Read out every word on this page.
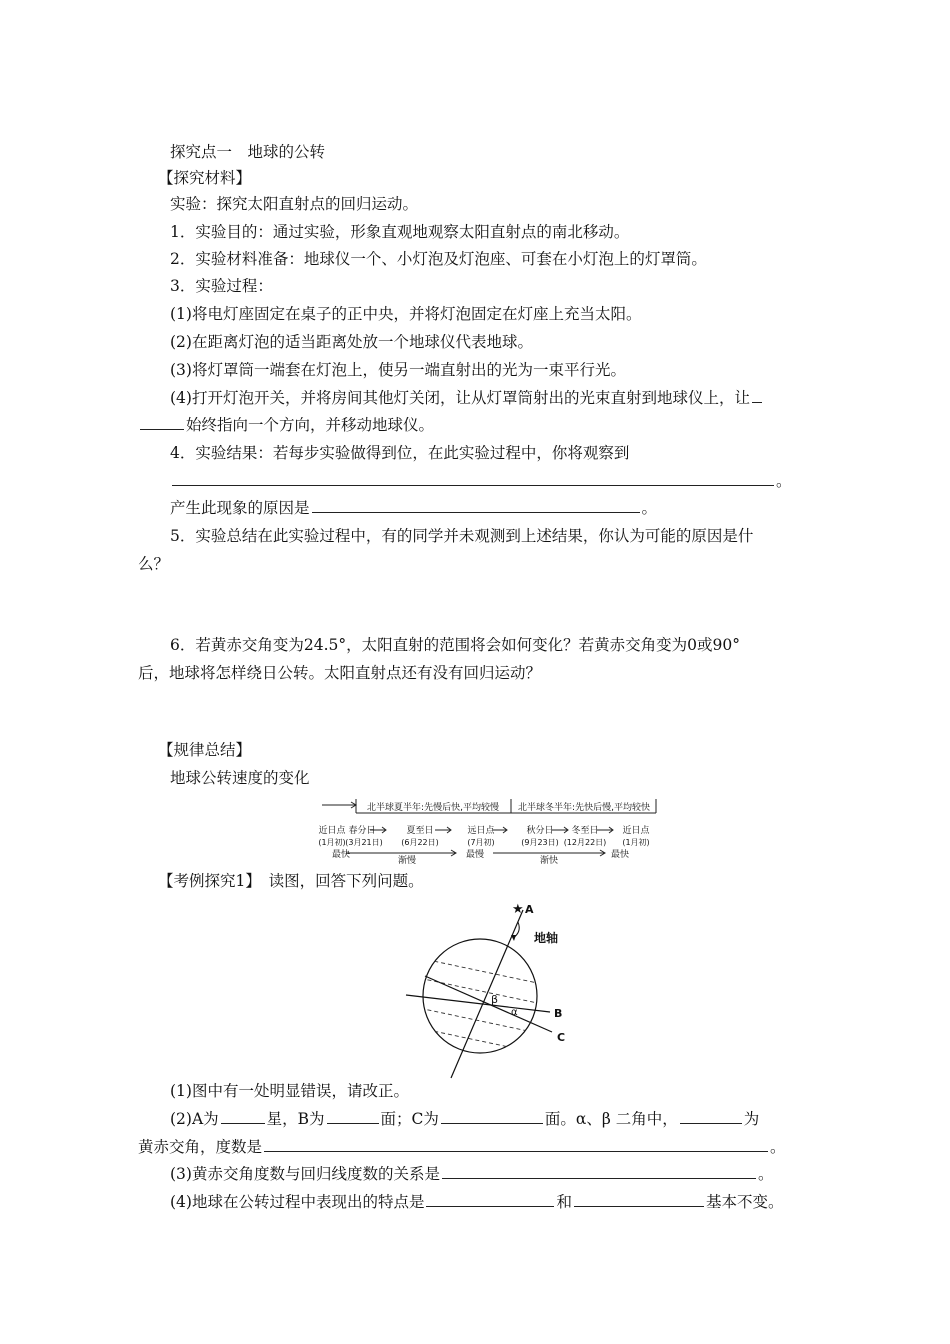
探究点一　地球的公转
【探究材料】
实验：探究太阳直射点的回归运动。
1．实验目的：通过实验，形象直观地观察太阳直射点的南北移动。
2．实验材料准备：地球仪一个、小灯泡及灯泡座、可套在小灯泡上的灯罩筒。
3．实验过程：
(1)将电灯座固定在桌子的正中央，并将灯泡固定在灯座上充当太阳。
(2)在距离灯泡的适当距离处放一个地球仪代表地球。
(3)将灯罩筒一端套在灯泡上，使另一端直射出的光为一束平行光。
(4)打开灯泡开关，并将房间其他灯关闭，让从灯罩筒射出的光束直射到地球仪上，让
始终指向一个方向，并移动地球仪。
4．实验结果：若每步实验做得到位，在此实验过程中，你将观察到
。
产生此现象的原因是	。
5．实验总结在此实验过程中，有的同学并未观测到上述结果，你认为可能的原因是什
么？
6．若黄赤交角变为24.5°，太阳直射的范围将会如何变化？若黄赤交角变为0或90°
后，地球将怎样绕日公转。太阳直射点还有没有回归运动？
【规律总结】
地球公转速度的变化
北半球夏半年:先慢后快,平均较慢 北半球冬半年:先快后慢,平均较快
近日点 春分日	夏至日	远日点
(1月初) (3月21日) (6月22日)	(7月初)
最快
渐慢
最慢
渐快
最快
秋分日
(9月23日)
冬至日
(12月22日)
近日点
(1月初)
【考例探究1】　 读图，回答下列问题。
★ A
地轴
β
α	B
C
(1)图中有一处明显错误，请改正。
(2)A为	星，B为	面；C为	面。α、β 二角中，	为
黄赤交角，度数是	。
(3)黄赤交角度数与回归线度数的关系是	。
(4)地球在公转过程中表现出的特点是	和	基本不变。
